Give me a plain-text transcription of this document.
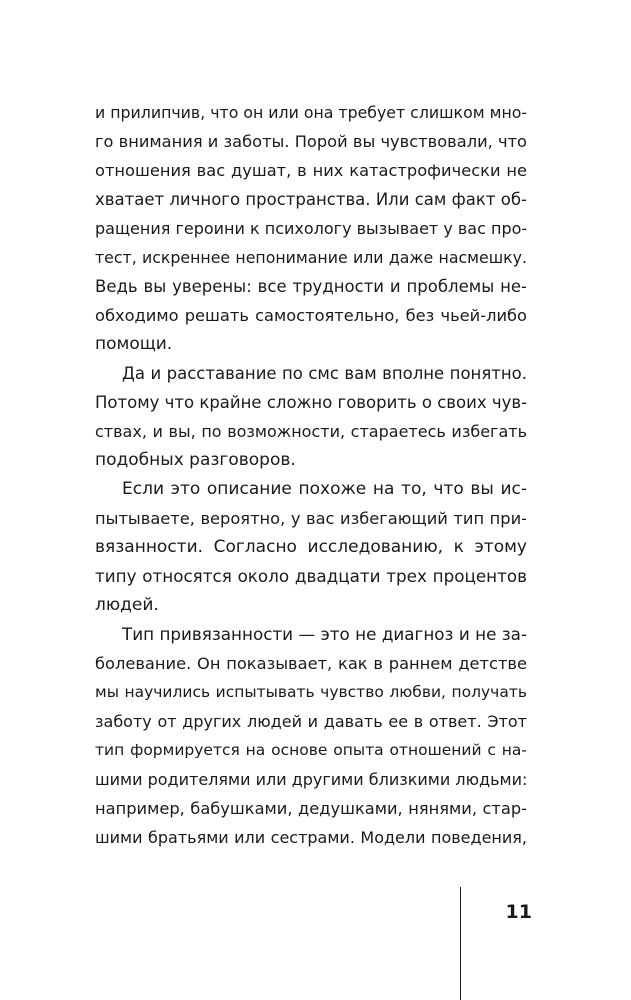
и прилипчив, что он или она требует слишком мно-
го внимания и заботы. Порой вы чувствовали, что
отношения вас душат, в них катастрофически не
хватает личного пространства. Или сам факт об-
ращения героини к психологу вызывает у вас про-
тест, искреннее непонимание или даже насмешку.
Ведь вы уверены: все трудности и проблемы не-
обходимо решать самостоятельно, без чьей-либо
помощи.
Да и расставание по смс вам вполне понятно.
Потому что крайне сложно говорить о своих чув-
ствах, и вы, по возможности, стараетесь избегать
подобных разговоров.
Если это описание похоже на то, что вы ис-
пытываете, вероятно, у вас избегающий тип при-
вязанности. Согласно исследованию, к этому
типу относятся около двадцати трех процентов
людей.
Тип привязанности — это не диагноз и не за-
болевание. Он показывает, как в раннем детстве
мы научились испытывать чувство любви, получать
заботу от других людей и давать ее в ответ. Этот
тип формируется на основе опыта отношений с на-
шими родителями или другими близкими людьми:
например, бабушками, дедушками, нянями, стар-
шими братьями или сестрами. Модели поведения,
11
